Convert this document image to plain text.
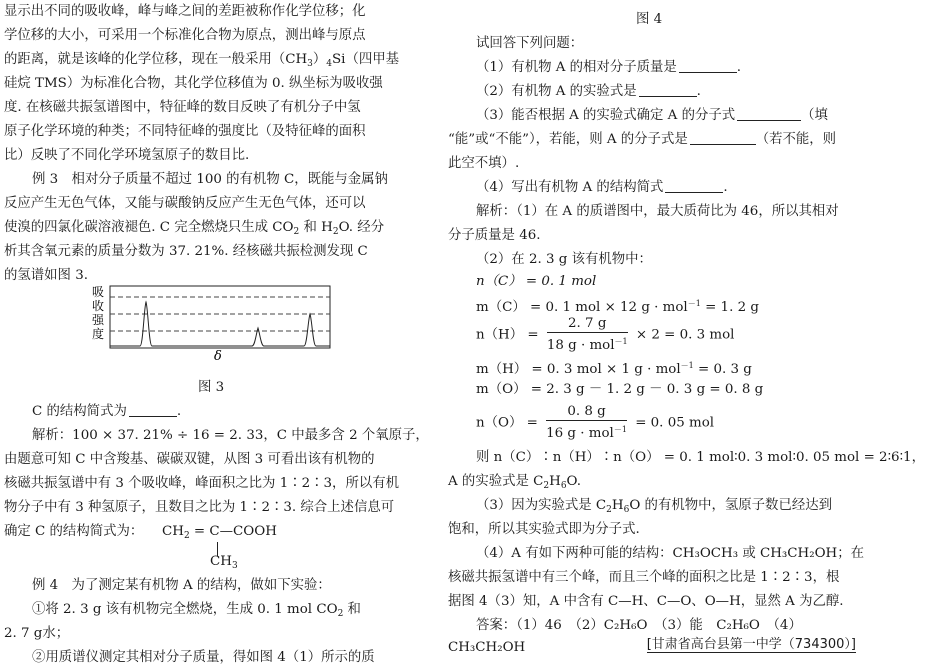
显示出不同的吸收峰，峰与峰之间的差距被称作化学位移；化
学位移的大小，可采用一个标准化合物为原点，测出峰与原点
的距离，就是该峰的化学位移，现在一般采用$(CH_3)_4Si$（四甲基
硅烷 TMS）为标准化合物，其化学位移值为 0. 纵坐标为吸收强
度. 在核磁共振氢谱图中，特征峰的数目反映了有机分子中氢
原子化学环境的种类；不同特征峰的强度比（及特征峰的面积
比）反映了不同化学环境氢原子的数目比.
例 3　相对分子质量不超过 100 的有机物 C，既能与金属钠
反应产生无色气体，又能与碳酸钠反应产生无色气体，还可以
使溴的四氯化碳溶液褪色. C 完全燃烧只生成 $CO_2$ 和 $H_2O$. 经分
析其含氧元素的质量分数为 37. 21%. 经核磁共振检测发现 C
的氢谱如图 3.
吸
收
强
度
δ
图 3
C 的结构简式为	.
解析：100 × 37. 21% ÷ 16 = 2. 33，C 中最多含 2 个氧原子，
由题意可知 C 中含羧基、碳碳双键，从图 3 可看出该有机物的
核磁共振氢谱中有 3 个吸收峰，峰面积之比为 1∶2∶3，所以有机
物分子中有 3 种氢原子，且数目之比为 1∶2∶3. 综合上述信息可
确定 C 的结构简式为： $CH_2$ = C—COOH
$CH_3$
例 4　为了测定某有机物 A 的结构，做如下实验：
①将 2. 3 g 该有机物完全燃烧，生成 0. 1 mol $CO_2$ 和
2. 7 g水；
②用质谱仪测定其相对分子质量，得如图 4（1）所示的质
图 4
试回答下列问题：
（1）有机物 A 的相对分子质量是	.
（2）有机物 A 的实验式是	.
（3）能否根据 A 的实验式确定 A 的分子式	（填
“能”或“不能”），若能，则 A 的分子式是	（若不能，则
此空不填）.
（4）写出有机物 A 的结构简式	.
解析：（1）在 A 的质谱图中，最大质荷比为 46，所以其相对
分子质量是 46.
（2）在 2. 3 g 该有机物中：
n（C） = 0. 1 mol
m（C） = 0. 1 mol × 12 g · mol$^{-1}$ = 1. 2 g
$n(H) = \frac{2. 7 g}{18 g \cdot mol^{-1}} \times 2 = 0$. 3 mol
m（H） = 0. 3 mol × 1 g · mol$^{-1}$ = 0. 3 g
m（O） = 2. 3 g － 1. 2 g － 0. 3 g = 0. 8 g
$n(O) = \frac{0. 8 g}{16 g \cdot mol^{-1}} = 0$. 05 mol
则 n（C）∶n（H）∶n（O） = 0. 1 mol∶0. 3 mol∶0. 05 mol = 2∶6∶1，
A 的实验式是 $C_2H_6O$.
（3）因为实验式是 $C_2H_6O$ 的有机物中，氢原子数已经达到
饱和，所以其实验式即为分子式.
（4）A 有如下两种可能的结构：CH₃OCH₃ 或 CH₃CH₂OH；在
核磁共振氢谱中有三个峰，而且三个峰的面积之比是 1∶2∶3，根
据图 4（3）知，A 中含有 C—H、C—O、O—H，显然 A 为乙醇.
答案：（1）46　（2）C₂H₆O　（3）能　C₂H₆O　（4）
CH₃CH₂OH	[甘肃省高台县第一中学（734300）]
